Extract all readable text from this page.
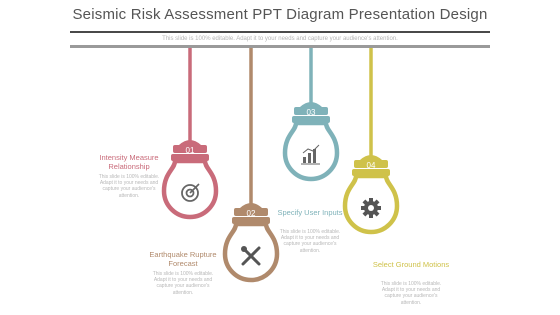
Seismic Risk Assessment PPT Diagram Presentation Design
This slide is 100% editable. Adapt it to your needs and capture your audience's attention.
01
02
03
04
Intensity Measure Relationship
This slide is 100% editable. Adapt it to your needs and capture your audience's attention.
Earthquake Rupture Forecast
This slide is 100% editable. Adapt it to your needs and capture your audience's attention.
Specify User Inputs
This slide is 100% editable. Adapt it to your needs and capture your audience's attention.
Select Ground Motions
This slide is 100% editable. Adapt it to your needs and capture your audience's attention.
